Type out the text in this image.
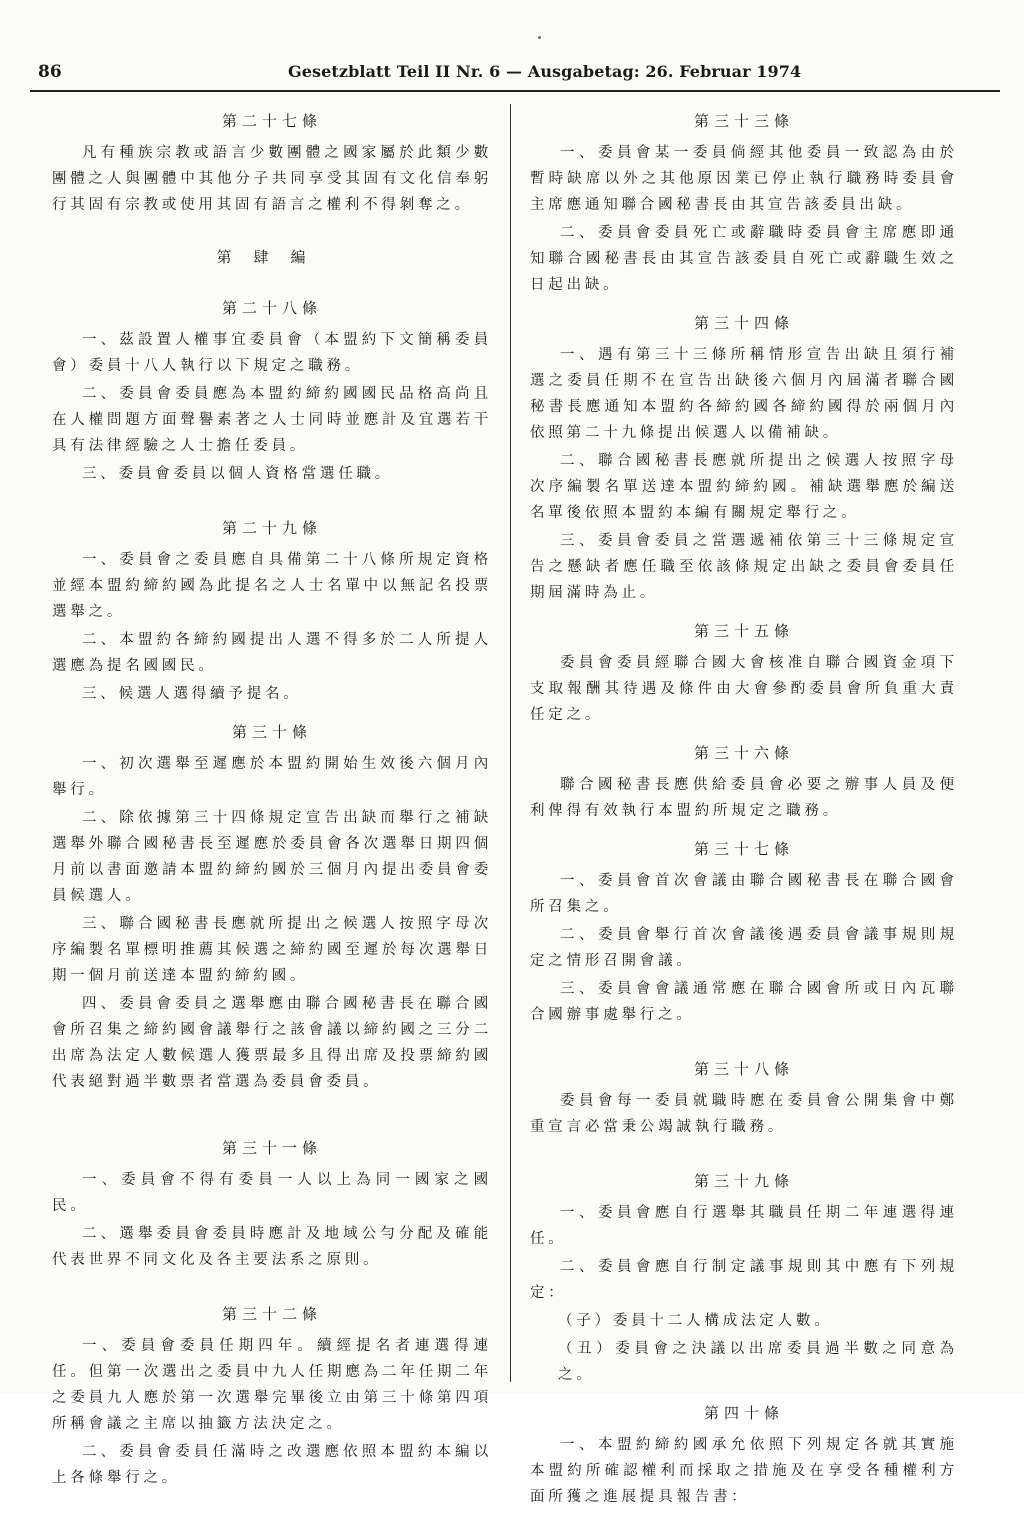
86	Gesetzblatt Teil II Nr. 6 — Ausgabetag: 26. Februar 1974
第二十七條

凡有種族宗教或語言少數團體之國家屬於此類少數團體之人與團體中其他分子共同享受其固有文化信奉躬行其固有宗教或使用其固有語言之權利不得剝奪之。

第肆編
第二十八條

一、茲設置人權事宜委員會（本盟約下文簡稱委員會）委員十八人執行以下規定之職務。

二、委員會委員應為本盟約締約國國民品格高尚且在人權問題方面聲譽素著之人士同時並應計及宜選若干具有法律經驗之人士擔任委員。

三、委員會委員以個人資格當選任職。

第二十九條

一、委員會之委員應自具備第二十八條所規定資格並經本盟約締約國為此提名之人士名單中以無記名投票選舉之。

二、本盟約各締約國提出人選不得多於二人所提人選應為提名國國民。

三、候選人選得續予提名。

第三十條

一、初次選舉至遲應於本盟約開始生效後六個月內舉行。

二、除依據第三十四條規定宣告出缺而舉行之補缺選舉外聯合國秘書長至遲應於委員會各次選舉日期四個月前以書面邀請本盟約締約國於三個月內提出委員會委員候選人。

三、聯合國秘書長應就所提出之候選人按照字母次序編製名單標明推薦其候選之締約國至遲於每次選舉日期一個月前送達本盟約締約國。

四、委員會委員之選舉應由聯合國秘書長在聯合國會所召集之締約國會議舉行之該會議以締約國之三分二出席為法定人數候選人獲票最多且得出席及投票締約國代表絕對過半數票者當選為委員會委員。

第三十一條

一、委員會不得有委員一人以上為同一國家之國民。

二、選舉委員會委員時應計及地域公勻分配及確能代表世界不同文化及各主要法系之原則。

第三十二條

一、委員會委員任期四年。續經提名者連選得連任。但第一次選出之委員中九人任期應為二年任期二年之委員九人應於第一次選舉完畢後立由第三十條第四項所稱會議之主席以抽籤方法決定之。

二、委員會委員任滿時之改選應依照本盟約本編以上各條舉行之。

第三十三條

一、委員會某一委員倘經其他委員一致認為由於暫時缺席以外之其他原因業已停止執行職務時委員會主席應通知聯合國秘書長由其宣告該委員出缺。

二、委員會委員死亡或辭職時委員會主席應即通知聯合國秘書長由其宣告該委員自死亡或辭職生效之日起出缺。

第三十四條

一、遇有第三十三條所稱情形宣告出缺且須行補選之委員任期不在宣告出缺後六個月內屆滿者聯合國秘書長應通知本盟約各締約國各締約國得於兩個月內依照第二十九條提出候選人以備補缺。

二、聯合國秘書長應就所提出之候選人按照字母次序編製名單送達本盟約締約國。補缺選舉應於編送名單後依照本盟約本編有關規定舉行之。

三、委員會委員之當選遞補依第三十三條規定宣告之懸缺者應任職至依該條規定出缺之委員會委員任期屆滿時為止。

第三十五條

委員會委員經聯合國大會核准自聯合國資金項下支取報酬其待遇及條件由大會參酌委員會所負重大責任定之。

第三十六條

聯合國秘書長應供給委員會必要之辦事人員及便利俾得有效執行本盟約所規定之職務。

第三十七條

一、委員會首次會議由聯合國秘書長在聯合國會所召集之。

二、委員會舉行首次會議後遇委員會議事規則規定之情形召開會議。

三、委員會會議通常應在聯合國會所或日內瓦聯合國辦事處舉行之。

第三十八條

委員會每一委員就職時應在委員會公開集會中鄭重宣言必當秉公竭誠執行職務。

第三十九條

一、委員會應自行選舉其職員任期二年連選得連任。

二、委員會應自行制定議事規則其中應有下列規定：

（子）委員十二人構成法定人數。

（丑）委員會之決議以出席委員過半數之同意為之。

第四十條

一、本盟約締約國承允依照下列規定各就其實施本盟約所確認權利而採取之措施及在享受各種權利方面所獲之進展提具報告書：
